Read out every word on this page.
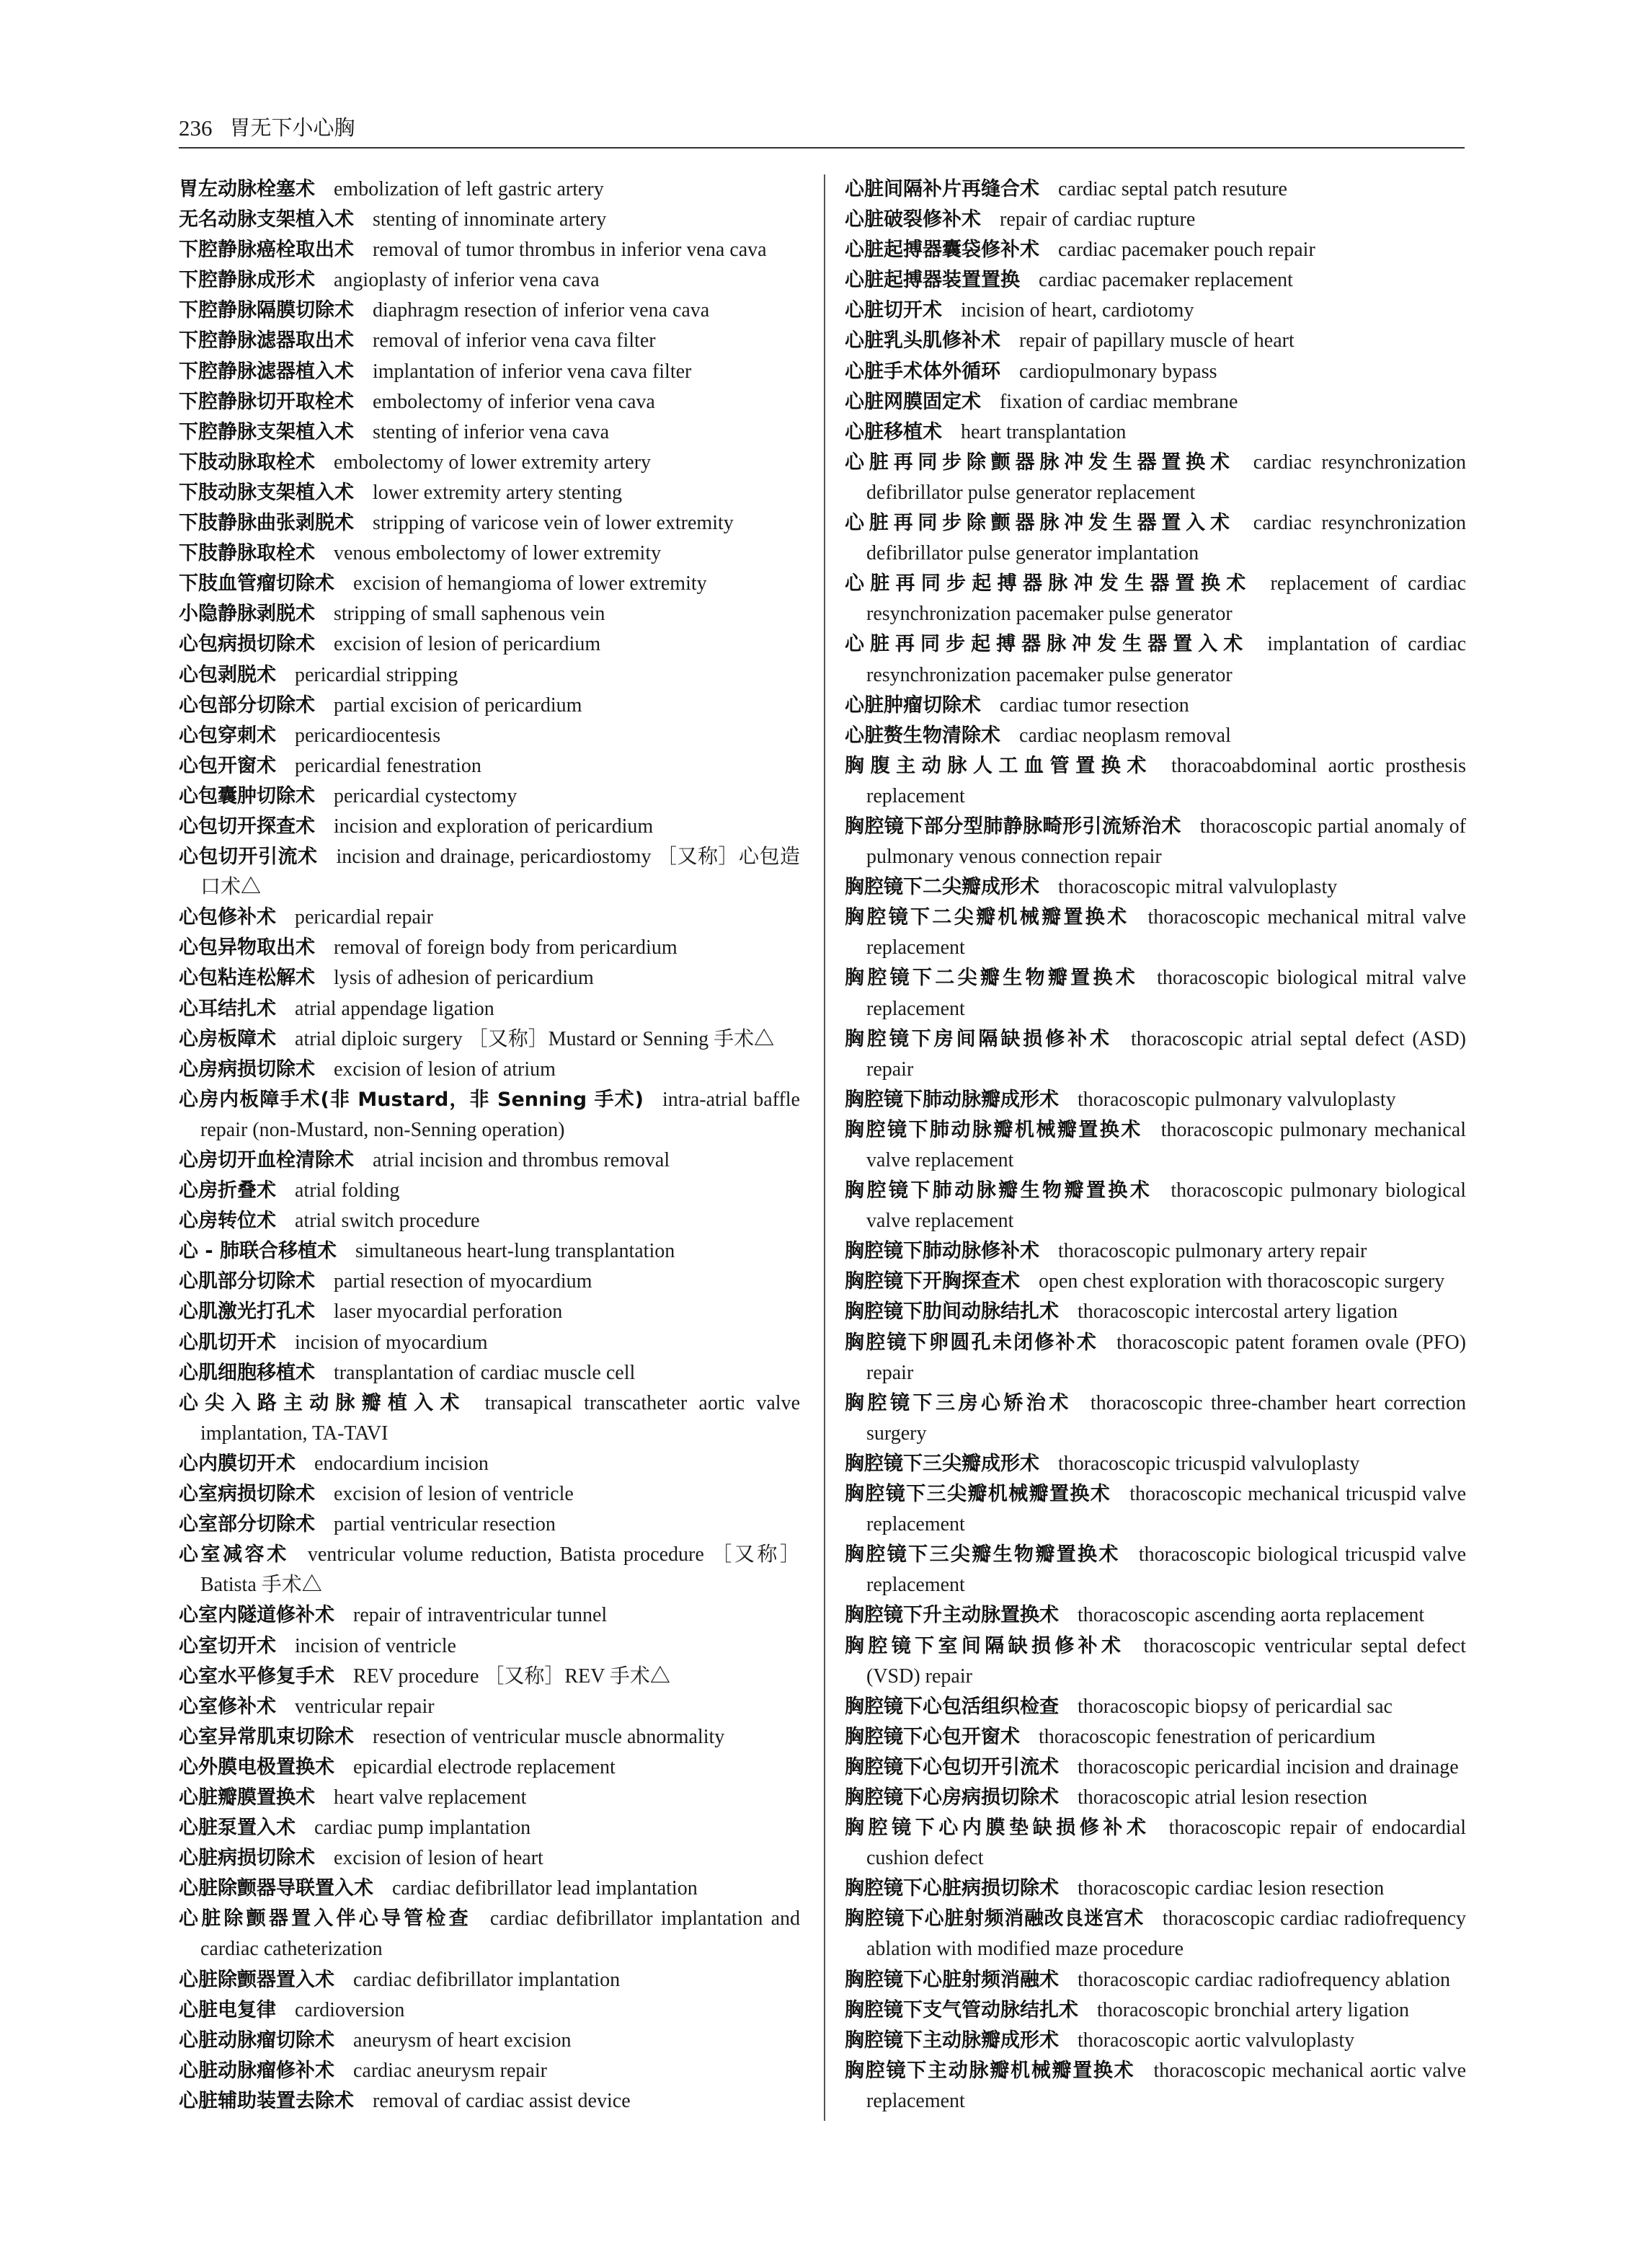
236 胃无下小心胸
胃左动脉栓塞术 embolization of left gastric artery
无名动脉支架植入术 stenting of innominate artery
下腔静脉癌栓取出术 removal of tumor thrombus in inferior vena cava
下腔静脉成形术 angioplasty of inferior vena cava
下腔静脉隔膜切除术 diaphragm resection of inferior vena cava
下腔静脉滤器取出术 removal of inferior vena cava filter
下腔静脉滤器植入术 implantation of inferior vena cava filter
下腔静脉切开取栓术 embolectomy of inferior vena cava
下腔静脉支架植入术 stenting of inferior vena cava
下肢动脉取栓术 embolectomy of lower extremity artery
下肢动脉支架植入术 lower extremity artery stenting
下肢静脉曲张剥脱术 stripping of varicose vein of lower extremity
下肢静脉取栓术 venous embolectomy of lower extremity
下肢血管瘤切除术 excision of hemangioma of lower extremity
小隐静脉剥脱术 stripping of small saphenous vein
心包病损切除术 excision of lesion of pericardium
心包剥脱术 pericardial stripping
心包部分切除术 partial excision of pericardium
心包穿刺术 pericardiocentesis
心包开窗术 pericardial fenestration
心包囊肿切除术 pericardial cystectomy
心包切开探查术 incision and exploration of pericardium
心包切开引流术 incision and drainage, pericardiostomy ［又称］心包造口术△
心包修补术 pericardial repair
心包异物取出术 removal of foreign body from pericardium
心包粘连松解术 lysis of adhesion of pericardium
心耳结扎术 atrial appendage ligation
心房板障术 atrial diploic surgery ［又称］Mustard or Senning 手术△
心房病损切除术 excision of lesion of atrium
心房内板障手术(非 Mustard，非 Senning 手术) intra-atrial baffle repair (non-Mustard, non-Senning operation)
心房切开血栓清除术 atrial incision and thrombus removal
心房折叠术 atrial folding
心房转位术 atrial switch procedure
心 - 肺联合移植术 simultaneous heart-lung transplantation
心肌部分切除术 partial resection of myocardium
心肌激光打孔术 laser myocardial perforation
心肌切开术 incision of myocardium
心肌细胞移植术 transplantation of cardiac muscle cell
心尖入路主动脉瓣植入术 transapical transcatheter aortic valve implantation, TA-TAVI
心内膜切开术 endocardium incision
心室病损切除术 excision of lesion of ventricle
心室部分切除术 partial ventricular resection
心室减容术 ventricular volume reduction, Batista procedure ［又称］Batista 手术△
心室内隧道修补术 repair of intraventricular tunnel
心室切开术 incision of ventricle
心室水平修复手术 REV procedure ［又称］REV 手术△
心室修补术 ventricular repair
心室异常肌束切除术 resection of ventricular muscle abnormality
心外膜电极置换术 epicardial electrode replacement
心脏瓣膜置换术 heart valve replacement
心脏泵置入术 cardiac pump implantation
心脏病损切除术 excision of lesion of heart
心脏除颤器导联置入术 cardiac defibrillator lead implantation
心脏除颤器置入伴心导管检查 cardiac defibrillator implantation and cardiac catheterization
心脏除颤器置入术 cardiac defibrillator implantation
心脏电复律 cardioversion
心脏动脉瘤切除术 aneurysm of heart excision
心脏动脉瘤修补术 cardiac aneurysm repair
心脏辅助装置去除术 removal of cardiac assist device
心脏间隔补片再缝合术 cardiac septal patch resuture
心脏破裂修补术 repair of cardiac rupture
心脏起搏器囊袋修补术 cardiac pacemaker pouch repair
心脏起搏器装置置换 cardiac pacemaker replacement
心脏切开术 incision of heart, cardiotomy
心脏乳头肌修补术 repair of papillary muscle of heart
心脏手术体外循环 cardiopulmonary bypass
心脏网膜固定术 fixation of cardiac membrane
心脏移植术 heart transplantation
心脏再同步除颤器脉冲发生器置换术 cardiac resynchronization defibrillator pulse generator replacement
心脏再同步除颤器脉冲发生器置入术 cardiac resynchronization defibrillator pulse generator implantation
心脏再同步起搏器脉冲发生器置换术 replacement of cardiac resynchronization pacemaker pulse generator
心脏再同步起搏器脉冲发生器置入术 implantation of cardiac resynchronization pacemaker pulse generator
心脏肿瘤切除术 cardiac tumor resection
心脏赘生物清除术 cardiac neoplasm removal
胸腹主动脉人工血管置换术 thoracoabdominal aortic prosthesis replacement
胸腔镜下部分型肺静脉畸形引流矫治术 thoracoscopic partial anomaly of pulmonary venous connection repair
胸腔镜下二尖瓣成形术 thoracoscopic mitral valvuloplasty
胸腔镜下二尖瓣机械瓣置换术 thoracoscopic mechanical mitral valve replacement
胸腔镜下二尖瓣生物瓣置换术 thoracoscopic biological mitral valve replacement
胸腔镜下房间隔缺损修补术 thoracoscopic atrial septal defect (ASD) repair
胸腔镜下肺动脉瓣成形术 thoracoscopic pulmonary valvuloplasty
胸腔镜下肺动脉瓣机械瓣置换术 thoracoscopic pulmonary mechanical valve replacement
胸腔镜下肺动脉瓣生物瓣置换术 thoracoscopic pulmonary biological valve replacement
胸腔镜下肺动脉修补术 thoracoscopic pulmonary artery repair
胸腔镜下开胸探查术 open chest exploration with thoracoscopic surgery
胸腔镜下肋间动脉结扎术 thoracoscopic intercostal artery ligation
胸腔镜下卵圆孔未闭修补术 thoracoscopic patent foramen ovale (PFO) repair
胸腔镜下三房心矫治术 thoracoscopic three-chamber heart correction surgery
胸腔镜下三尖瓣成形术 thoracoscopic tricuspid valvuloplasty
胸腔镜下三尖瓣机械瓣置换术 thoracoscopic mechanical tricuspid valve replacement
胸腔镜下三尖瓣生物瓣置换术 thoracoscopic biological tricuspid valve replacement
胸腔镜下升主动脉置换术 thoracoscopic ascending aorta replacement
胸腔镜下室间隔缺损修补术 thoracoscopic ventricular septal defect (VSD) repair
胸腔镜下心包活组织检查 thoracoscopic biopsy of pericardial sac
胸腔镜下心包开窗术 thoracoscopic fenestration of pericardium
胸腔镜下心包切开引流术 thoracoscopic pericardial incision and drainage
胸腔镜下心房病损切除术 thoracoscopic atrial lesion resection
胸腔镜下心内膜垫缺损修补术 thoracoscopic repair of endocardial cushion defect
胸腔镜下心脏病损切除术 thoracoscopic cardiac lesion resection
胸腔镜下心脏射频消融改良迷宫术 thoracoscopic cardiac radiofrequency ablation with modified maze procedure
胸腔镜下心脏射频消融术 thoracoscopic cardiac radiofrequency ablation
胸腔镜下支气管动脉结扎术 thoracoscopic bronchial artery ligation
胸腔镜下主动脉瓣成形术 thoracoscopic aortic valvuloplasty
胸腔镜下主动脉瓣机械瓣置换术 thoracoscopic mechanical aortic valve replacement
